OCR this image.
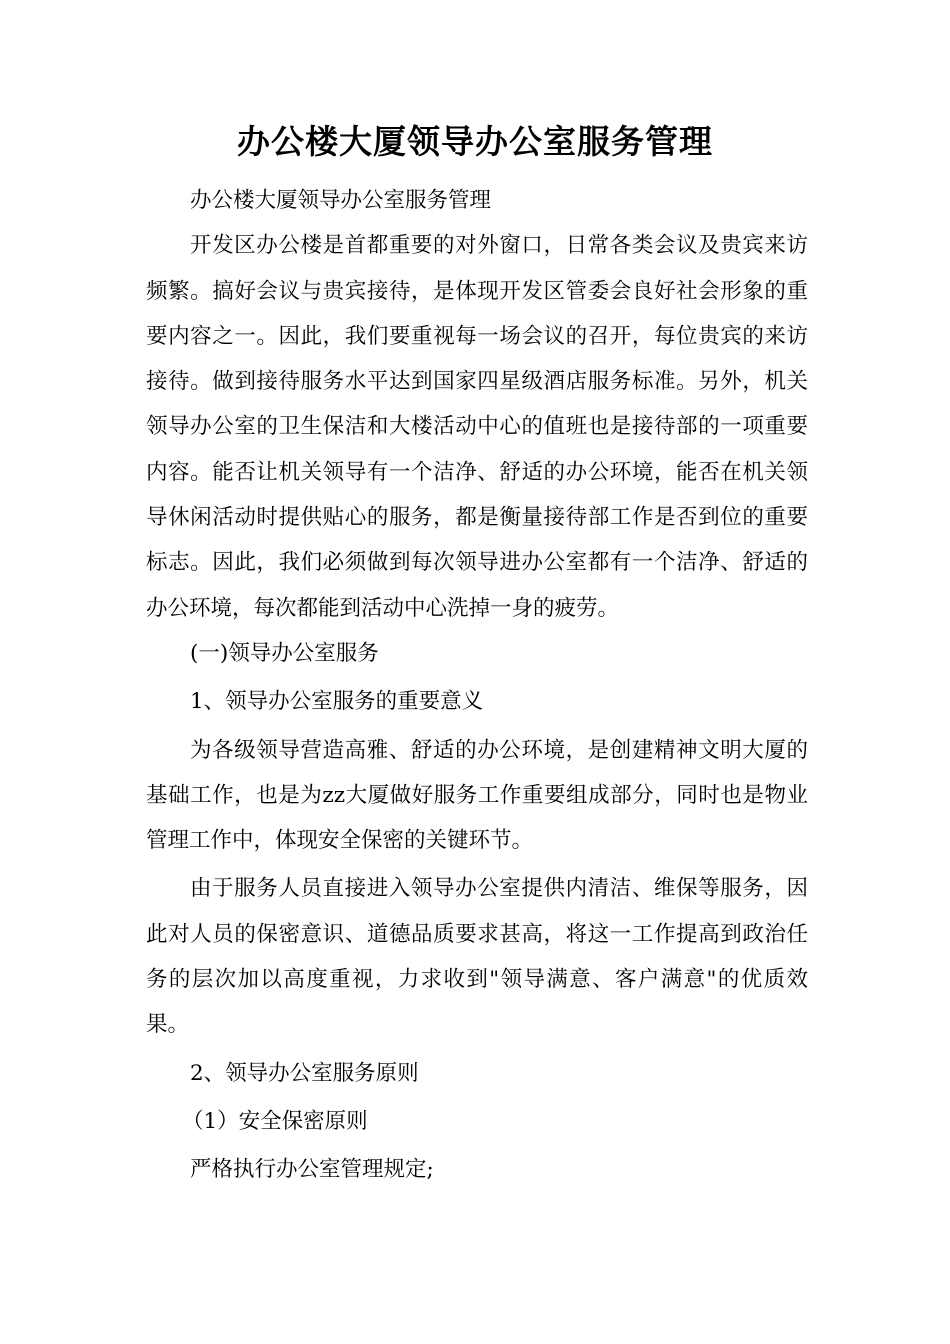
办公楼大厦领导办公室服务管理

办公楼大厦领导办公室服务管理

开发区办公楼是首都重要的对外窗口，日常各类会议及贵宾来访频繁。搞好会议与贵宾接待，是体现开发区管委会良好社会形象的重要内容之一。因此，我们要重视每一场会议的召开，每位贵宾的来访接待。做到接待服务水平达到国家四星级酒店服务标准。另外，机关领导办公室的卫生保洁和大楼活动中心的值班也是接待部的一项重要内容。能否让机关领导有一个洁净、舒适的办公环境，能否在机关领导休闲活动时提供贴心的服务，都是衡量接待部工作是否到位的重要标志。因此，我们必须做到每次领导进办公室都有一个洁净、舒适的办公环境，每次都能到活动中心洗掉一身的疲劳。

(一)领导办公室服务

1、领导办公室服务的重要意义

为各级领导营造高雅、舒适的办公环境，是创建精神文明大厦的基础工作，也是为zz大厦做好服务工作重要组成部分，同时也是物业管理工作中，体现安全保密的关键环节。

由于服务人员直接进入领导办公室提供内清洁、维保等服务，因此对人员的保密意识、道德品质要求甚高，将这一工作提高到政治任务的层次加以高度重视，力求收到"领导满意、客户满意"的优质效果。

2、领导办公室服务原则

（1）安全保密原则

严格执行办公室管理规定;
